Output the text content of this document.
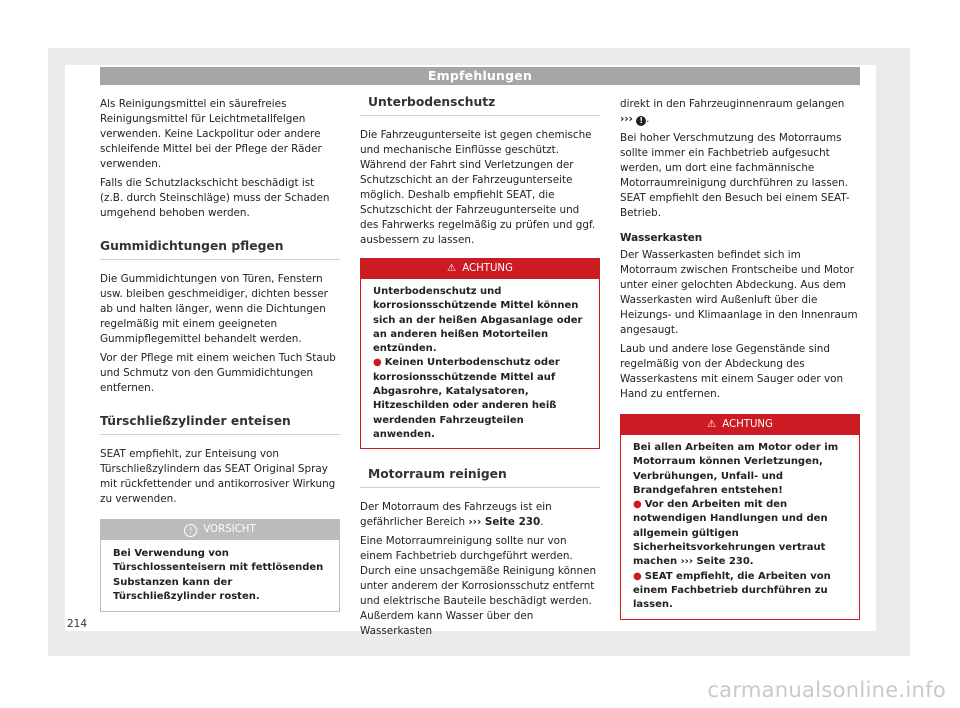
Empfehlungen

Als Reinigungsmittel ein säurefreies Reinigungsmittel für Leichtmetallfelgen verwenden. Keine Lackpolitur oder andere schleifende Mittel bei der Pflege der Räder verwenden.

Falls die Schutzlackschicht beschädigt ist (z.B. durch Steinschläge) muss der Schaden umgehend behoben werden.

Gummidichtungen pflegen

Die Gummidichtungen von Türen, Fenstern usw. bleiben geschmeidiger, dichten besser ab und halten länger, wenn die Dichtungen regelmäßig mit einem geeigneten Gummipflegemittel behandelt werden.

Vor der Pflege mit einem weichen Tuch Staub und Schmutz von den Gummidichtungen entfernen.

Türschließzylinder enteisen

SEAT empfiehlt, zur Enteisung von Türschließzylindern das SEAT Original Spray mit rückfettender und antikorrosiver Wirkung zu verwenden.

! VORSICHT
Bei Verwendung von Türschlossenteisern mit fettlösenden Substanzen kann der Türschließzylinder rosten.
Unterbodenschutz

Die Fahrzeugunterseite ist gegen chemische und mechanische Einflüsse geschützt. Während der Fahrt sind Verletzungen der Schutzschicht an der Fahrzeugunterseite möglich. Deshalb empfiehlt SEAT, die Schutzschicht der Fahrzeugunterseite und des Fahrwerks regelmäßig zu prüfen und ggf. ausbessern zu lassen.

⚠ ACHTUNG
Unterbodenschutz und korrosionsschützende Mittel können sich an der heißen Abgasanlage oder an anderen heißen Motorteilen entzünden.
● Keinen Unterbodenschutz oder korrosionsschützende Mittel auf Abgasrohre, Katalysatoren, Hitzeschilden oder anderen heiß werdenden Fahrzeugteilen anwenden.
Motorraum reinigen

Der Motorraum des Fahrzeugs ist ein gefährlicher Bereich ››› Seite 230.

Eine Motorraumreinigung sollte nur von einem Fachbetrieb durchgeführt werden. Durch eine unsachgemäße Reinigung können unter anderem der Korrosionsschutz entfernt und elektrische Bauteile beschädigt werden. Außerdem kann Wasser über den Wasserkasten

direkt in den Fahrzeuginnenraum gelangen
››› ! .

Bei hoher Verschmutzung des Motorraums sollte immer ein Fachbetrieb aufgesucht werden, um dort eine fachmännische Motorraumreinigung durchführen zu lassen. SEAT empfiehlt den Besuch bei einem SEAT-Betrieb.

Wasserkasten

Der Wasserkasten befindet sich im Motorraum zwischen Frontscheibe und Motor unter einer gelochten Abdeckung. Aus dem Wasserkasten wird Außenluft über die Heizungs- und Klimaanlage in den Innenraum angesaugt.

Laub und andere lose Gegenstände sind regelmäßig von der Abdeckung des Wasserkastens mit einem Sauger oder von Hand zu entfernen.

⚠ ACHTUNG
Bei allen Arbeiten am Motor oder im Motorraum können Verletzungen, Verbrühungen, Unfall- und Brandgefahren entstehen!
● Vor den Arbeiten mit den notwendigen Handlungen und den allgemein gültigen Sicherheitsvorkehrungen vertraut machen ››› Seite 230.
● SEAT empfiehlt, die Arbeiten von einem Fachbetrieb durchführen zu lassen.
214
carmanualsonline.info
